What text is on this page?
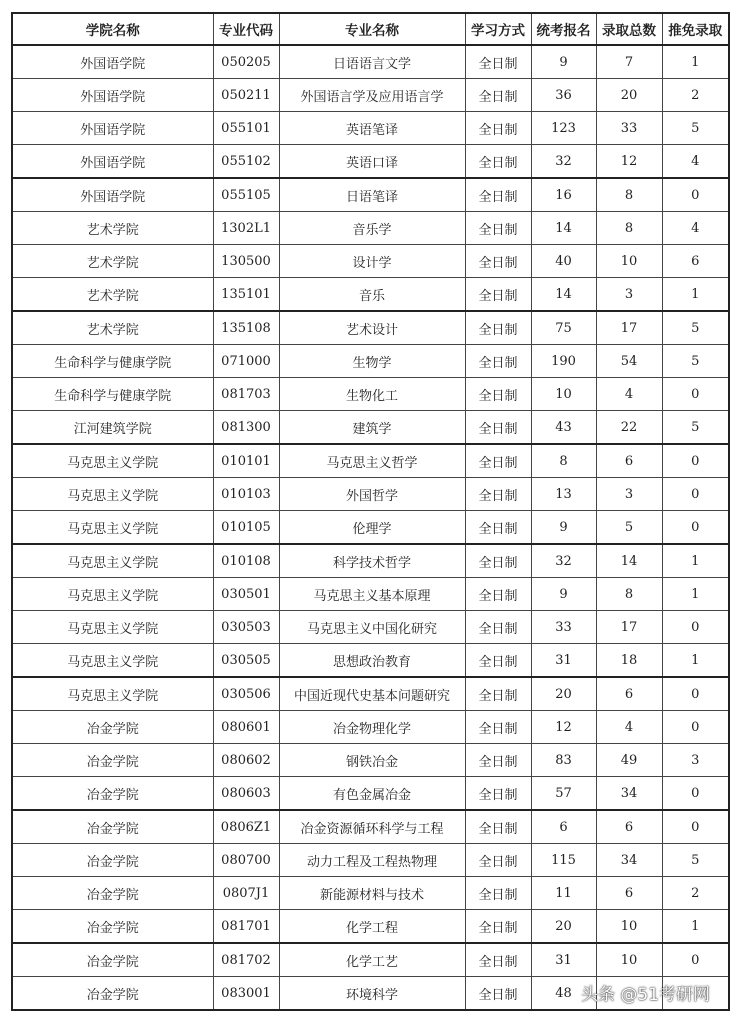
学院名称	专业代码	专业名称	学习方式	统考报名	录取总数	推免录取
外国语学院	050205	日语语言文学	全日制	9	7	1
外国语学院	050211	外国语言学及应用语言学	全日制	36	20	2
外国语学院	055101	英语笔译	全日制	123	33	5
外国语学院	055102	英语口译	全日制	32	12	4
外国语学院	055105	日语笔译	全日制	16	8	0
艺术学院	1302L1	音乐学	全日制	14	8	4
艺术学院	130500	设计学	全日制	40	10	6
艺术学院	135101	音乐	全日制	14	3	1
艺术学院	135108	艺术设计	全日制	75	17	5
生命科学与健康学院	071000	生物学	全日制	190	54	5
生命科学与健康学院	081703	生物化工	全日制	10	4	0
江河建筑学院	081300	建筑学	全日制	43	22	5
马克思主义学院	010101	马克思主义哲学	全日制	8	6	0
马克思主义学院	010103	外国哲学	全日制	13	3	0
马克思主义学院	010105	伦理学	全日制	9	5	0
马克思主义学院	010108	科学技术哲学	全日制	32	14	1
马克思主义学院	030501	马克思主义基本原理	全日制	9	8	1
马克思主义学院	030503	马克思主义中国化研究	全日制	33	17	0
马克思主义学院	030505	思想政治教育	全日制	31	18	1
马克思主义学院	030506	中国近现代史基本问题研究	全日制	20	6	0
冶金学院	080601	冶金物理化学	全日制	12	4	0
冶金学院	080602	钢铁冶金	全日制	83	49	3
冶金学院	080603	有色金属冶金	全日制	57	34	0
冶金学院	0806Z1	冶金资源循环科学与工程	全日制	6	6	0
冶金学院	080700	动力工程及工程热物理	全日制	115	34	5
冶金学院	0807J1	新能源材料与技术	全日制	11	6	2
冶金学院	081701	化学工程	全日制	20	10	1
冶金学院	081702	化学工艺	全日制	31	10	0
冶金学院	083001	环境科学	全日制	48		头条 @51考研网
